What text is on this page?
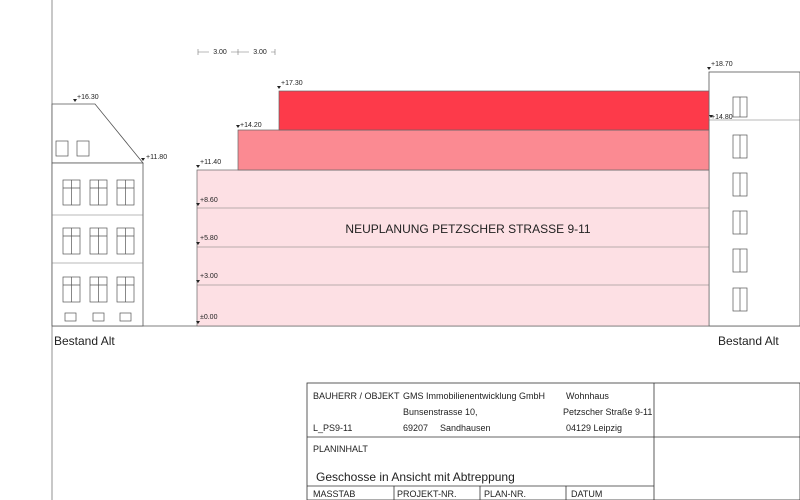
NEUPLANUNG PETZSCHER STRASSE 9-11
±0.00
+3.00
+5.80
+8.60
+11.40
+14.20
+17.30
+11.80
+16.30
+14.80
+18.70
3.00	3.00
Bestand Alt	Bestand Alt
BAUHERR / OBJEKT GMS Immobilienentwicklung GmbH
Bunsenstrasse 10,
69207 Sandhausen
L_PS9-11
Wohnhaus
Petzscher Straße 9-11
04129 Leipzig
PLANINHALT
Geschosse in Ansicht mit Abtreppung
MASSTAB	PROJEKT-NR.	PLAN-NR.	DATUM
